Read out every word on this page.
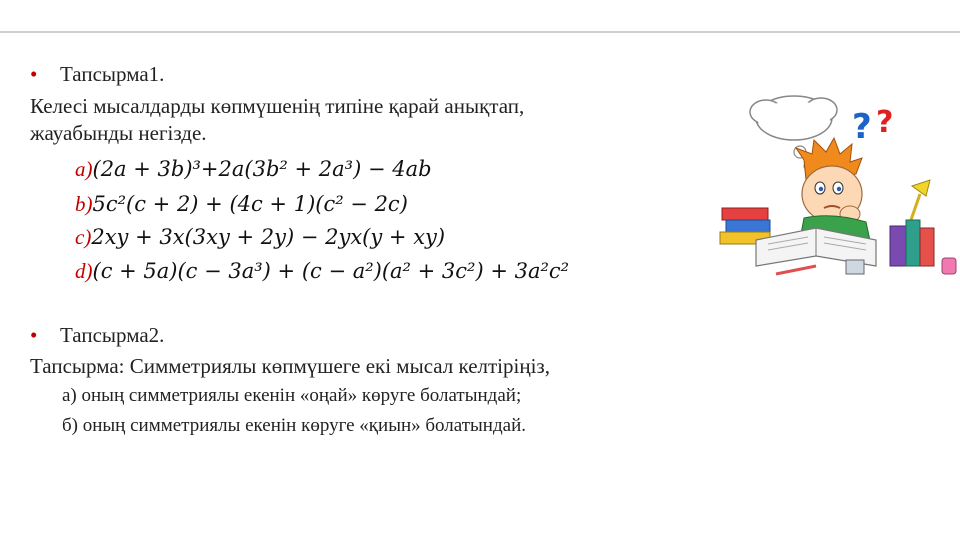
• Тапсырма1.
Келесі мысалдарды көпмүшенің типіне қарай анықтап,
жауабынды негізде.
a)(2a + 3b)³+2a(3b² + 2a³) − 4ab
b)5c²(c + 2) + (4c + 1)(c² − 2c)
c)2xy + 3x(3xy + 2y) − 2yx(y + xy)
d)(c + 5a)(c − 3a³) + (c − a²)(a² + 3c²) + 3a²c²
• Тапсырма2.
Тапсырма: Симметриялы көпмүшеге екі мысал келтіріңіз,
а) оның симметриялы екенін «оңай» көруге болатындай;
б) оның симметриялы екенін көруге «қиын» болатындай.
? ?
